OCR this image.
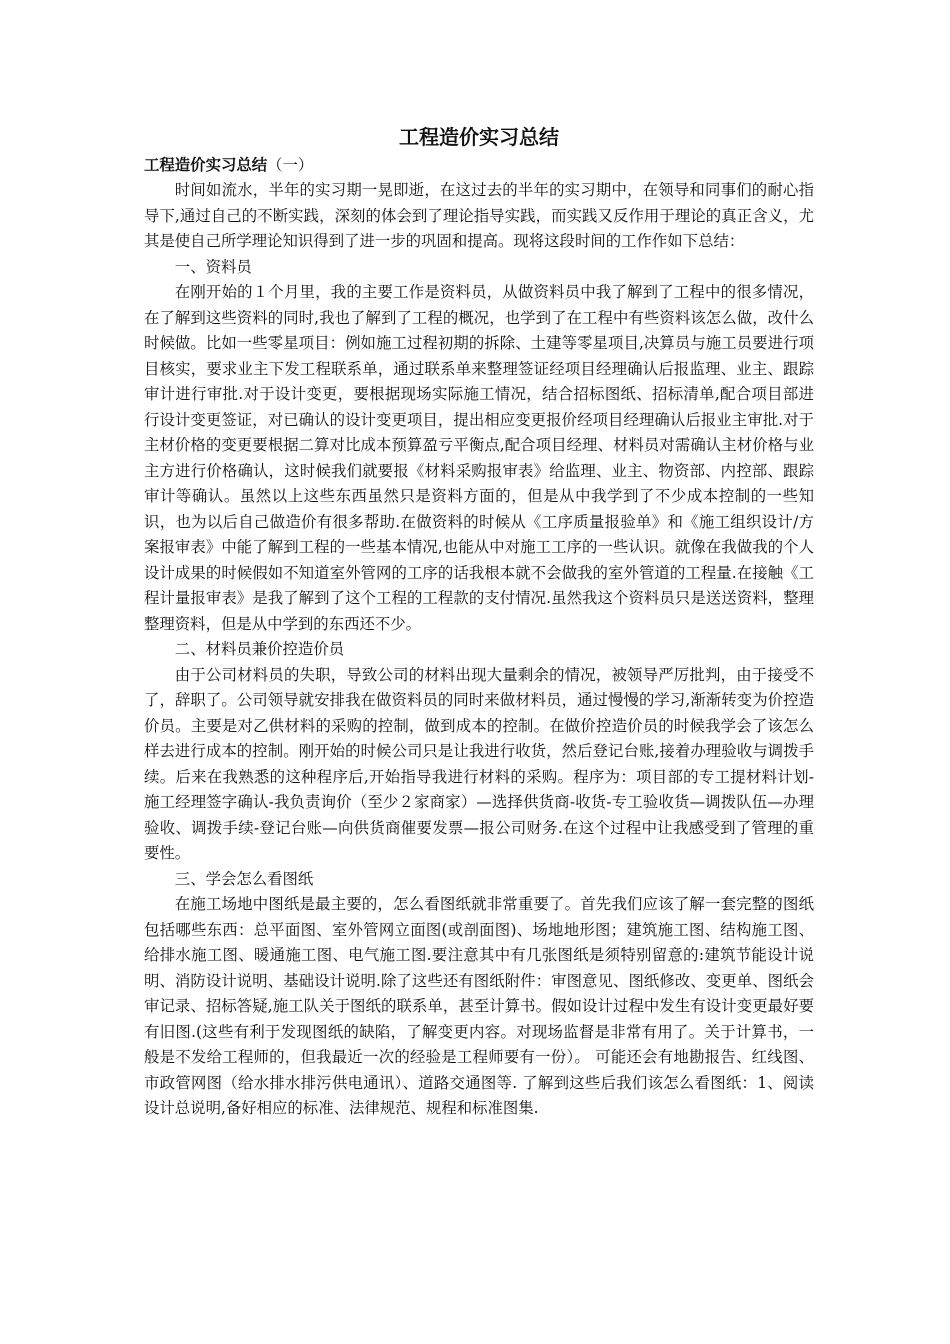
工程造价实习总结

工程造价实习总结（一）

时间如流水，半年的实习期一晃即逝，在这过去的半年的实习期中，在领导和同事们的耐心指导下,通过自己的不断实践，深刻的体会到了理论指导实践，而实践又反作用于理论的真正含义，尤其是使自己所学理论知识得到了进一步的巩固和提高。现将这段时间的工作作如下总结：

一、资料员

在刚开始的１个月里，我的主要工作是资料员，从做资料员中我了解到了工程中的很多情况，在了解到这些资料的同时,我也了解到了工程的概况，也学到了在工程中有些资料该怎么做，改什么时候做。比如一些零星项目：例如施工过程初期的拆除、土建等零星项目,决算员与施工员要进行项目核实，要求业主下发工程联系单，通过联系单来整理签证经项目经理确认后报监理、业主、跟踪审计进行审批.对于设计变更，要根据现场实际施工情况，结合招标图纸、招标清单,配合项目部进行设计变更签证，对已确认的设计变更项目，提出相应变更报价经项目经理确认后报业主审批.对于主材价格的变更要根据二算对比成本预算盈亏平衡点,配合项目经理、材料员对需确认主材价格与业主方进行价格确认，这时候我们就要报《材料采购报审表》给监理、业主、物资部、内控部、跟踪审计等确认。虽然以上这些东西虽然只是资料方面的，但是从中我学到了不少成本控制的一些知识，也为以后自己做造价有很多帮助.在做资料的时候从《工序质量报验单》和《施工组织设计/方案报审表》中能了解到工程的一些基本情况,也能从中对施工工序的一些认识。就像在我做我的个人设计成果的时候假如不知道室外管网的工序的话我根本就不会做我的室外管道的工程量.在接触《工程计量报审表》是我了解到了这个工程的工程款的支付情况.虽然我这个资料员只是送送资料，整理整理资料，但是从中学到的东西还不少。

二、材料员兼价控造价员

由于公司材料员的失职，导致公司的材料出现大量剩余的情况，被领导严厉批判，由于接受不了，辞职了。公司领导就安排我在做资料员的同时来做材料员，通过慢慢的学习,渐渐转变为价控造价员。主要是对乙供材料的采购的控制，做到成本的控制。在做价控造价员的时候我学会了该怎么样去进行成本的控制。刚开始的时候公司只是让我进行收货，然后登记台账,接着办理验收与调拨手续。后来在我熟悉的这种程序后,开始指导我进行材料的采购。程序为：项目部的专工提材料计划-施工经理签字确认-我负责询价（至少２家商家）—选择供货商-收货-专工验收货—调拨队伍—办理验收、调拨手续-登记台账—向供货商催要发票—报公司财务.在这个过程中让我感受到了管理的重要性。

三、学会怎么看图纸

在施工场地中图纸是最主要的，怎么看图纸就非常重要了。首先我们应该了解一套完整的图纸包括哪些东西：总平面图、室外管网立面图(或剖面图)、场地地形图；建筑施工图、结构施工图、给排水施工图、暖通施工图、电气施工图.要注意其中有几张图纸是须特别留意的:建筑节能设计说明、消防设计说明、基础设计说明.除了这些还有图纸附件：审图意见、图纸修改、变更单、图纸会审记录、招标答疑,施工队关于图纸的联系单，甚至计算书。假如设计过程中发生有设计变更最好要有旧图.(这些有利于发现图纸的缺陷，了解变更内容。对现场监督是非常有用了。关于计算书，一般是不发给工程师的，但我最近一次的经验是工程师要有一份）。 可能还会有地勘报告、红线图、市政管网图（给水排水排污供电通讯）、道路交通图等. 了解到这些后我们该怎么看图纸：1、阅读设计总说明,备好相应的标准、法律规范、规程和标准图集.
